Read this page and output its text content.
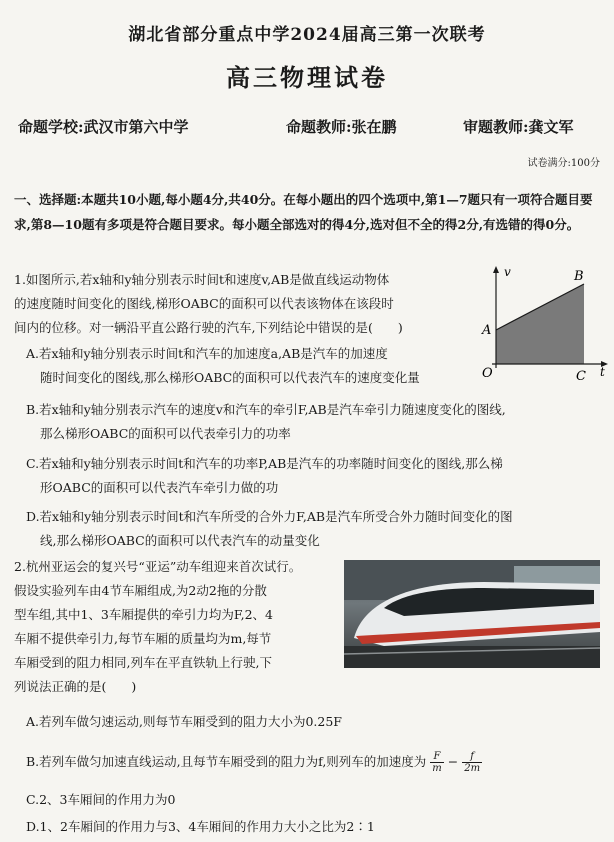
湖北省部分重点中学2024届高三第一次联考
高三物理试卷
命题学校:武汉市第六中学	命题教师:张在鹏	审题教师:龚文军
试卷满分:100分
一、选择题:本题共10小题,每小题4分,共40分。在每小题出的四个选项中,第1—7题只有一项符合题目要求,第8—10题有多项是符合题目要求。每小题全部选对的得4分,选对但不全的得2分,有选错的得0分。
1.如图所示,若x轴和y轴分别表示时间t和速度v,AB是做直线运动物体
的速度随时间变化的图线,梯形OABC的面积可以代表该物体在该段时
间内的位移。对一辆沿平直公路行驶的汽车,下列结论中错误的是(　　)
v
t
A
B
O	C
A.若x轴和y轴分别表示时间t和汽车的加速度a,AB是汽车的加速度
随时间变化的图线,那么梯形OABC的面积可以代表汽车的速度变化量
B.若x轴和y轴分别表示汽车的速度v和汽车的牵引F,AB是汽车牵引力随速度变化的图线,
那么梯形OABC的面积可以代表牵引力的功率
C.若x轴和y轴分别表示时间t和汽车的功率P,AB是汽车的功率随时间变化的图线,那么梯
形OABC的面积可以代表汽车牵引力做的功
D.若x轴和y轴分别表示时间t和汽车所受的合外力F,AB是汽车所受合外力随时间变化的图
线,那么梯形OABC的面积可以代表汽车的动量变化
2.杭州亚运会的复兴号“亚运”动车组迎来首次试行。
假设实验列车由4节车厢组成,为2动2拖的分散
型车组,其中1、3车厢提供的牵引力均为F,2、4
车厢不提供牵引力,每节车厢的质量均为m,每节
车厢受到的阻力相同,列车在平直铁轨上行驶,下
列说法正确的是(　　)
A.若列车做匀速运动,则每节车厢受到的阻力大小为0.25F
B.若列车做匀加速直线运动,且每节车厢受到的阻力为f,则列车的加速度为 $\frac{F}{m} - \frac{f}{2m}$
C.2、3车厢间的作用力为0
D.1、2车厢间的作用力与3、4车厢间的作用力大小之比为2∶1
